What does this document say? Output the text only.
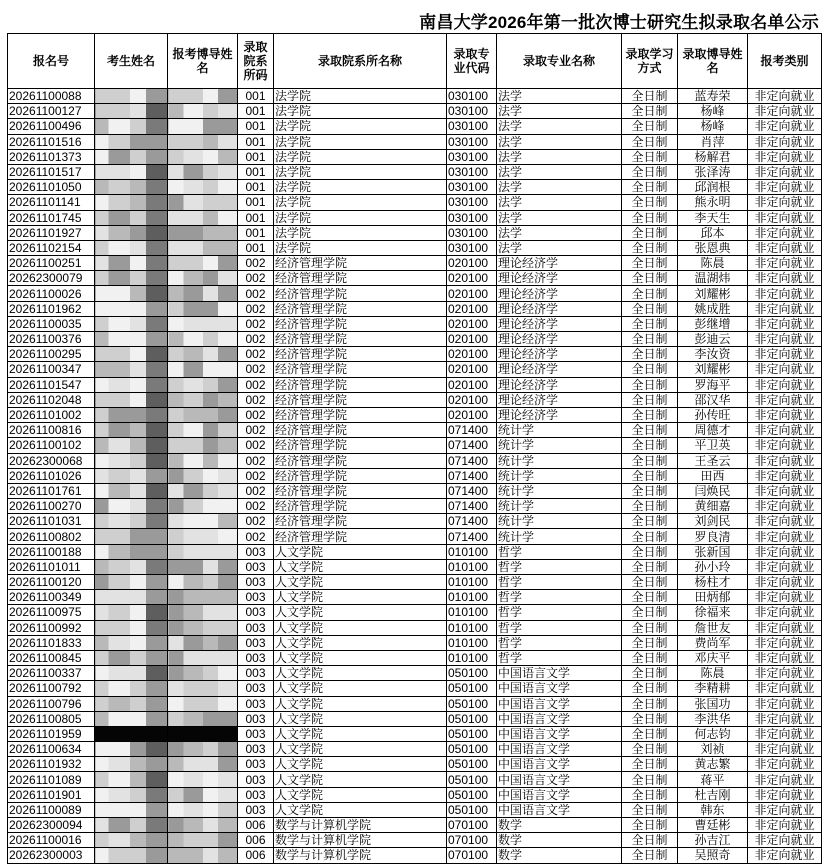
南昌大学2026年第一批次博士研究生拟录取名单公示
报名号	考生姓名	报考博导姓名	录取院系所码	录取院系所名称	录取专业代码	录取专业名称	录取学习方式	录取博导姓名	报考类别
20261100088			001	法学院	030100	法学	全日制	蓝寿荣	非定向就业
20261100127			001	法学院	030100	法学	全日制	杨峰	非定向就业
20261100496			001	法学院	030100	法学	全日制	杨峰	非定向就业
20261101516			001	法学院	030100	法学	全日制	肖萍	非定向就业
20261101373			001	法学院	030100	法学	全日制	杨解君	非定向就业
20261101517			001	法学院	030100	法学	全日制	张泽涛	非定向就业
20261101050			001	法学院	030100	法学	全日制	邱润根	非定向就业
20261101141			001	法学院	030100	法学	全日制	熊永明	非定向就业
20261101745			001	法学院	030100	法学	全日制	李天生	非定向就业
20261101927			001	法学院	030100	法学	全日制	邱本	非定向就业
20261102154			001	法学院	030100	法学	全日制	张恩典	非定向就业
20261100251			002	经济管理学院	020100	理论经济学	全日制	陈晨	非定向就业
20262300079			002	经济管理学院	020100	理论经济学	全日制	温湖炜	非定向就业
20261100026			002	经济管理学院	020100	理论经济学	全日制	刘耀彬	非定向就业
20261101962			002	经济管理学院	020100	理论经济学	全日制	姚成胜	非定向就业
20261100035			002	经济管理学院	020100	理论经济学	全日制	彭继增	非定向就业
20261100376			002	经济管理学院	020100	理论经济学	全日制	彭迪云	非定向就业
20261100295			002	经济管理学院	020100	理论经济学	全日制	李汝资	非定向就业
20261100347			002	经济管理学院	020100	理论经济学	全日制	刘耀彬	非定向就业
20261101547			002	经济管理学院	020100	理论经济学	全日制	罗海平	非定向就业
20261102048			002	经济管理学院	020100	理论经济学	全日制	邵汉华	非定向就业
20261101002			002	经济管理学院	020100	理论经济学	全日制	孙传旺	非定向就业
20261100816			002	经济管理学院	071400	统计学	全日制	周德才	非定向就业
20261100102			002	经济管理学院	071400	统计学	全日制	平卫英	非定向就业
20262300068			002	经济管理学院	071400	统计学	全日制	王圣云	非定向就业
20261101026			002	经济管理学院	071400	统计学	全日制	田西	非定向就业
20261101761			002	经济管理学院	071400	统计学	全日制	闫焕民	非定向就业
20261100270			002	经济管理学院	071400	统计学	全日制	黄细嘉	非定向就业
20261101031			002	经济管理学院	071400	统计学	全日制	刘剑民	非定向就业
20261100802			002	经济管理学院	071400	统计学	全日制	罗良清	非定向就业
20261100188			003	人文学院	010100	哲学	全日制	张新国	非定向就业
20261101011			003	人文学院	010100	哲学	全日制	孙小玲	非定向就业
20261100120			003	人文学院	010100	哲学	全日制	杨柱才	非定向就业
20261100349			003	人文学院	010100	哲学	全日制	田炳郁	非定向就业
20261100975			003	人文学院	010100	哲学	全日制	徐福来	非定向就业
20261100992			003	人文学院	010100	哲学	全日制	詹世友	非定向就业
20261101833			003	人文学院	010100	哲学	全日制	费尚军	非定向就业
20261100845			003	人文学院	010100	哲学	全日制	邓庆平	非定向就业
20261100337			003	人文学院	050100	中国语言文学	全日制	陈晨	非定向就业
20261100792			003	人文学院	050100	中国语言文学	全日制	李精耕	非定向就业
20261100796			003	人文学院	050100	中国语言文学	全日制	张国功	非定向就业
20261100805			003	人文学院	050100	中国语言文学	全日制	李洪华	非定向就业
20261101959			003	人文学院	050100	中国语言文学	全日制	何志钧	非定向就业
20261100634			003	人文学院	050100	中国语言文学	全日制	刘祯	非定向就业
20261101932			003	人文学院	050100	中国语言文学	全日制	黄志繁	非定向就业
20261101089			003	人文学院	050100	中国语言文学	全日制	蒋平	非定向就业
20261101901			003	人文学院	050100	中国语言文学	全日制	杜吉刚	非定向就业
20261100089			003	人文学院	050100	中国语言文学	全日制	韩东	非定向就业
20262300094			006	数学与计算机学院	070100	数学	全日制	曹廷彬	非定向就业
20261100016			006	数学与计算机学院	070100	数学	全日制	孙吉江	非定向就业
20262300003			006	数学与计算机学院	070100	数学	全日制	吴照奇	非定向就业
